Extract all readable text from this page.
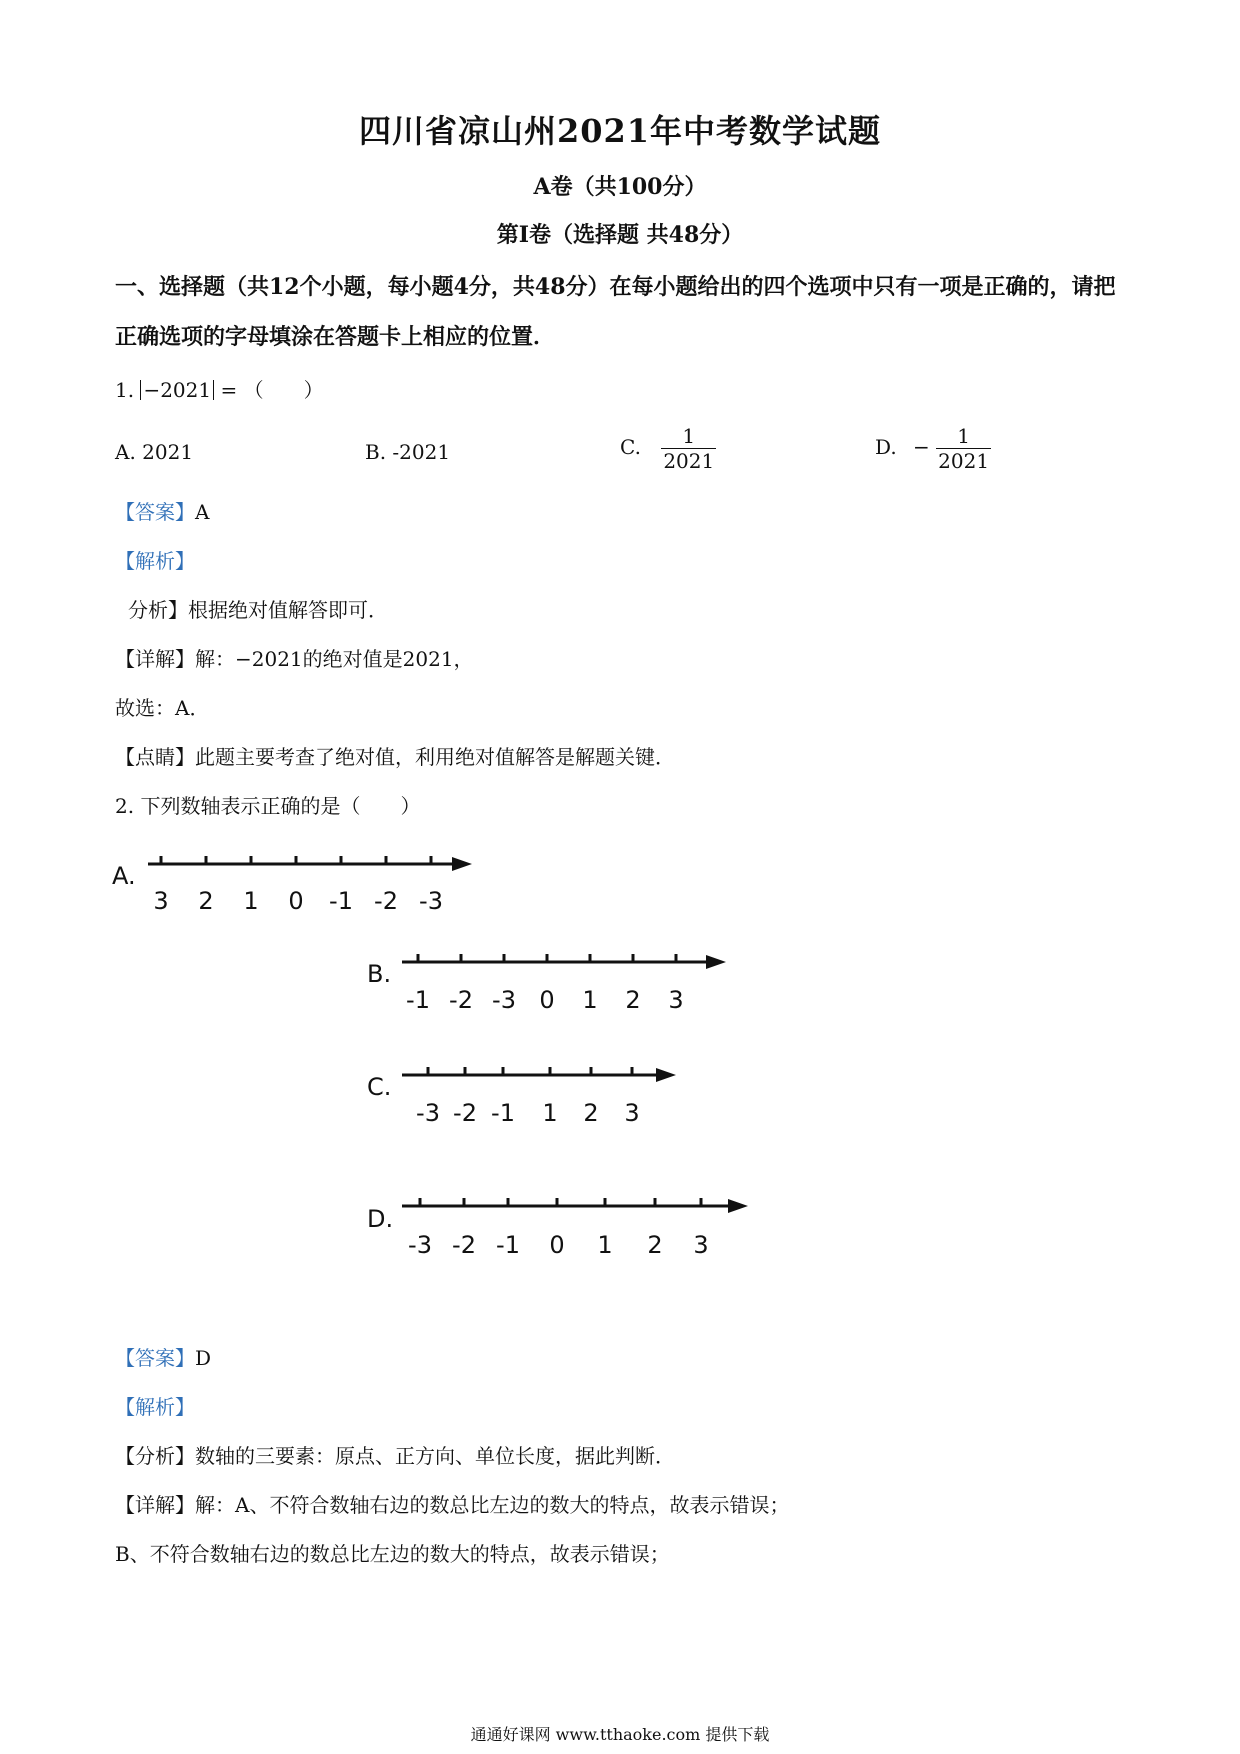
四川省凉山州2021年中考数学试题
A卷（共100分）
第I卷（选择题 共48分）
一、选择题（共12个小题，每小题4分，共48分）在每小题给出的四个选项中只有一项是正确的，请把正确选项的字母填涂在答题卡上相应的位置．
1. −2021 = （　　）
A. 2021	B. -2021	C. $\frac{1}{2021}$	D. − $\frac{1}{2021}$
【答案】A
【解析】
分析】根据绝对值解答即可．
【详解】解：−2021的绝对值是2021，
故选：A．
【点睛】此题主要考查了绝对值，利用绝对值解答是解题关键．
2. 下列数轴表示正确的是（　　）
A.
3 2 1 0 -1 -2 -3
B.
-1 -2 -3 0 1 2 3
C.
-3 -2 -1 1 2 3
D.
-3 -2 -1 0 1 2 3
【答案】D
【解析】
【分析】数轴的三要素：原点、正方向、单位长度，据此判断．
【详解】解：A、不符合数轴右边的数总比左边的数大的特点，故表示错误；
B、不符合数轴右边的数总比左边的数大的特点，故表示错误；
通通好课网 www.tthaoke.com 提供下载
